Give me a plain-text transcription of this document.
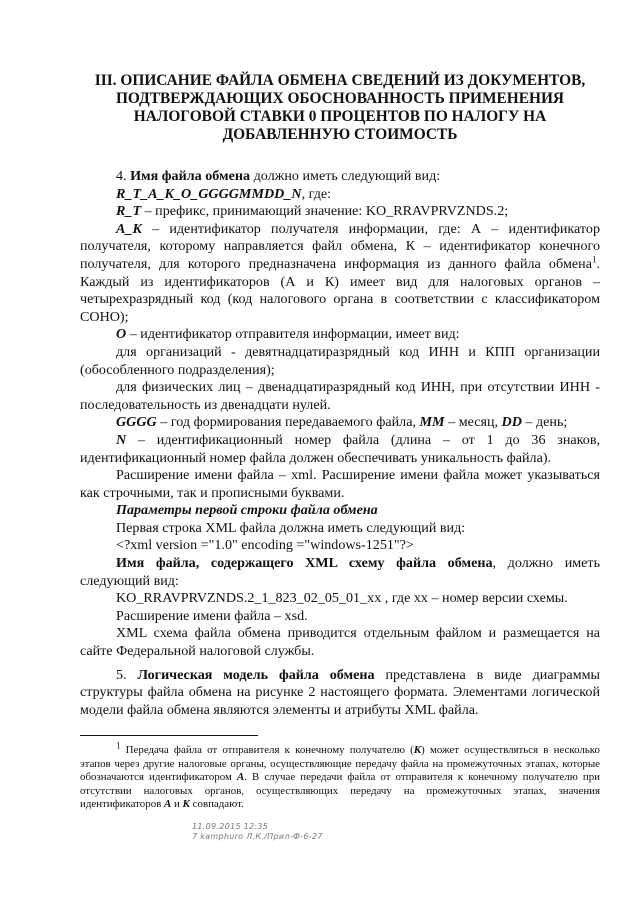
III. ОПИСАНИЕ ФАЙЛА ОБМЕНА СВЕДЕНИЙ ИЗ ДОКУМЕНТОВ, ПОДТВЕРЖДАЮЩИХ ОБОСНОВАННОСТЬ ПРИМЕНЕНИЯ НАЛОГОВОЙ СТАВКИ 0 ПРОЦЕНТОВ ПО НАЛОГУ НА ДОБАВЛЕННУЮ СТОИМОСТЬ

4. Имя файла обмена должно иметь следующий вид:

R_T_A_K_O_GGGGMMDD_N, где:

R_T – префикс, принимающий значение: KO_RRAVPRVZNDS.2;

A_K – идентификатор получателя информации, где: А – идентификатор получателя, которому направляется файл обмена, К – идентификатор конечного получателя, для которого предназначена информация из данного файла обмена$^1$. Каждый из идентификаторов (А и К) имеет вид для налоговых органов – четырехразрядный код (код налогового органа в соответствии с классификатором СОНО);

O – идентификатор отправителя информации, имеет вид:

для организаций - девятнадцатиразрядный код ИНН и КПП организации (обособленного подразделения);

для физических лиц – двенадцатиразрядный код ИНН, при отсутствии ИНН - последовательность из двенадцати нулей.

GGGG – год формирования передаваемого файла, MM – месяц, DD – день;

N – идентификационный номер файла (длина – от 1 до 36 знаков, идентификационный номер файла должен обеспечивать уникальность файла).

Расширение имени файла – xml. Расширение имени файла может указываться как строчными, так и прописными буквами.

Параметры первой строки файла обмена

Первая строка XML файла должна иметь следующий вид:

<?xml version ="1.0" encoding ="windows-1251"?>

Имя файла, содержащего XML схему файла обмена, должно иметь следующий вид:

KO_RRAVPRVZNDS.2_1_823_02_05_01_xx , где хх – номер версии схемы.

Расширение имени файла – xsd.

XML схема файла обмена приводится отдельным файлом и размещается на сайте Федеральной налоговой службы.

5. Логическая модель файла обмена представлена в виде диаграммы структуры файла обмена на рисунке 2 настоящего формата. Элементами логической модели файла обмена являются элементы и атрибуты XML файла.

$^1$ Передача файла от отправителя к конечному получателю (К) может осуществляться в несколько этапов через другие налоговые органы, осуществляющие передачу файла на промежуточных этапах, которые обозначаются идентификатором А. В случае передачи файла от отправителя к конечному получателю при отсутствии налоговых органов, осуществляющих передачу на промежуточных этапах, значения идентификаторов А и К совпадают.

11.09.2015 12:35
7 kamphuro Л.К./Прил-Ф-6-27
